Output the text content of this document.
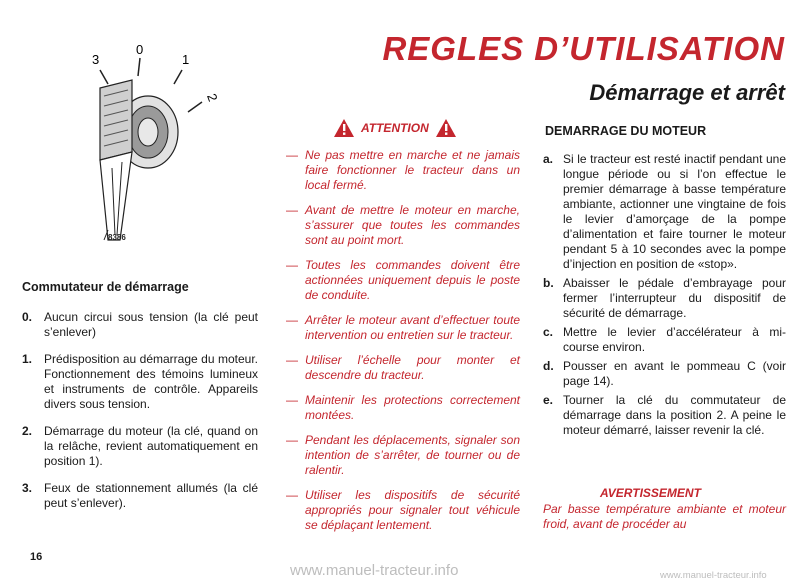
REGLES D’UTILISATION
Démarrage et arrêt
3
0
1
2
8386
Commutateur de démarrage
0. Aucun circui sous tension (la clé peut s’enlever)
1. Prédisposition au démarrage du moteur. Fonctionnement des témoins lumineux et instruments de contrôle. Appareils divers sous tension.
2. Démarrage du moteur (la clé, quand on la relâche, revient automatiquement en position 1).
3. Feux de stationnement allumés (la clé peut s’enlever).
16
ATTENTION
— Ne pas mettre en marche et ne jamais faire fonctionner le tracteur dans un local fermé.
— Avant de mettre le moteur en marche, s’assurer que toutes les commandes sont au point mort.
— Toutes les commandes doivent être actionnées uniquement depuis le poste de conduite.
— Arrêter le moteur avant d’effectuer toute intervention ou entretien sur le tracteur.
— Utiliser l’échelle pour monter et descendre du tracteur.
— Maintenir les protections correctement montées.
— Pendant les déplacements, signaler son intention de s’arrêter, de tourner ou de ralentir.
— Utiliser les dispositifs de sécurité appropriés pour signaler tout véhicule se déplaçant lentement.
DEMARRAGE DU MOTEUR
a. Si le tracteur est resté inactif pendant une longue période ou si l’on effectue le premier démarrage à basse température ambiante, actionner une vingtaine de fois le levier d’amorçage de la pompe d’alimentation et faire tourner le moteur pendant 5 à 10 secondes avec la pompe d’injection en position de «stop».
b. Abaisser le pédale d’embrayage pour fermer l’interrupteur du dispositif de sécurité de démarrage.
c. Mettre le levier d’accélérateur à mi-course environ.
d. Pousser en avant le pommeau C (voir page 14).
e. Tourner la clé du commutateur de démarrage dans la position 2. A peine le moteur démarré, laisser revenir la clé.
AVERTISSEMENT
Par basse température ambiante et moteur froid, avant de procéder au
www.manuel-tracteur.info	www.manuel-tracteur.info
